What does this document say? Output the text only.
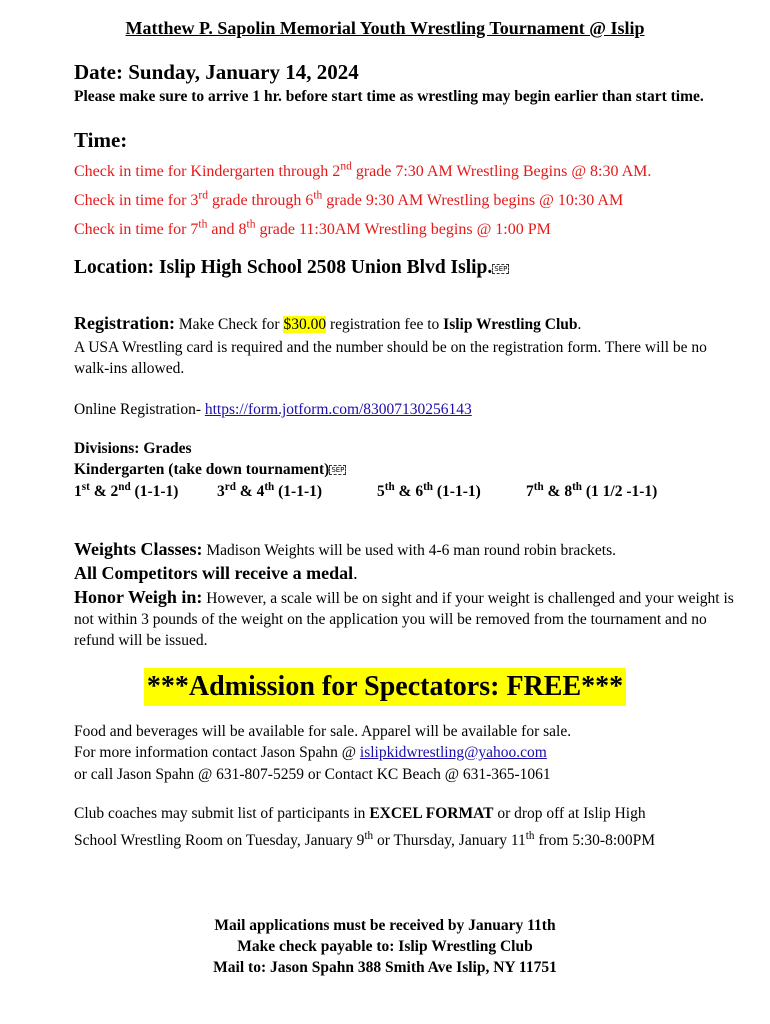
Matthew P. Sapolin Memorial Youth Wrestling Tournament @ Islip
Date: Sunday, January 14, 2024
Please make sure to arrive 1 hr. before start time as wrestling may begin earlier than start time.
Time:
Check in time for Kindergarten through 2nd grade 7:30 AM Wrestling Begins @ 8:30 AM.
Check in time for 3rd grade through 6th grade 9:30 AM Wrestling begins @ 10:30 AM
Check in time for 7th and 8th grade 11:30AM Wrestling begins @ 1:00 PM
Location: Islip High School 2508 Union Blvd Islip. SEP
Registration: Make Check for $30.00 registration fee to Islip Wrestling Club.
A USA Wrestling card is required and the number should be on the registration form. There will be no walk-ins allowed.
Online Registration- https://form.jotform.com/83007130256143
Divisions: Grades
Kindergarten (take down tournament) SEP
1st & 2nd (1-1-1) 3rd & 4th (1-1-1)	5th & 6th (1-1-1)	7th & 8th (1 1/2 -1-1)
Weights Classes: Madison Weights will be used with 4-6 man round robin brackets.
All Competitors will receive a medal.
Honor Weigh in: However, a scale will be on sight and if your weight is challenged and your weight is not within 3 pounds of the weight on the application you will be removed from the tournament and no refund will be issued.
***Admission for Spectators: FREE***
Food and beverages will be available for sale. Apparel will be available for sale.
For more information contact Jason Spahn @ islipkidwrestling@yahoo.com
or call Jason Spahn @ 631-807-5259 or Contact KC Beach @ 631-365-1061
Club coaches may submit list of participants in EXCEL FORMAT or drop off at Islip High
School Wrestling Room on Tuesday, January 9th or Thursday, January 11th from 5:30-8:00PM
Mail applications must be received by January 11th
Make check payable to: Islip Wrestling Club
Mail to: Jason Spahn 388 Smith Ave Islip, NY 11751
